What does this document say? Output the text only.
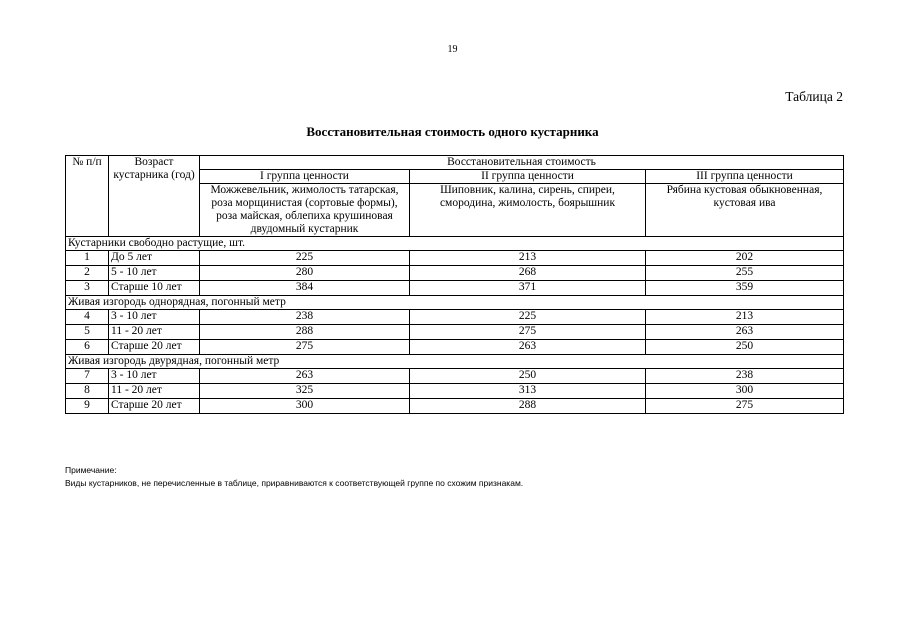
19
Таблица 2
Восстановительная стоимость одного кустарника
№ п/п	Возраст кустарника (год)	Восстановительная стоимость		
		I группа ценности	II группа ценности	III группа ценности
		Можжевельник, жимолость татарская, роза морщинистая (сортовые формы), роза майская, облепиха крушиновая двудомный кустарник	Шиповник, калина, сирень, спиреи, смородина, жимолость, боярышник	Рябина кустовая обыкновенная, кустовая ива
Кустарники свободно растущие, шт.				
1	До 5 лет	225	213	202
2	5 - 10 лет	280	268	255
3	Старше 10 лет	384	371	359
Живая изгородь однорядная, погонный метр				
4	3 - 10 лет	238	225	213
5	11 - 20 лет	288	275	263
6	Старше 20 лет	275	263	250
Живая изгородь двурядная, погонный метр				
7	3 - 10 лет	263	250	238
8	11 - 20 лет	325	313	300
9	Старше 20 лет	300	288	275
Примечание:
Виды кустарников, не перечисленные в таблице, приравниваются к соответствующей группе по схожим признакам.
